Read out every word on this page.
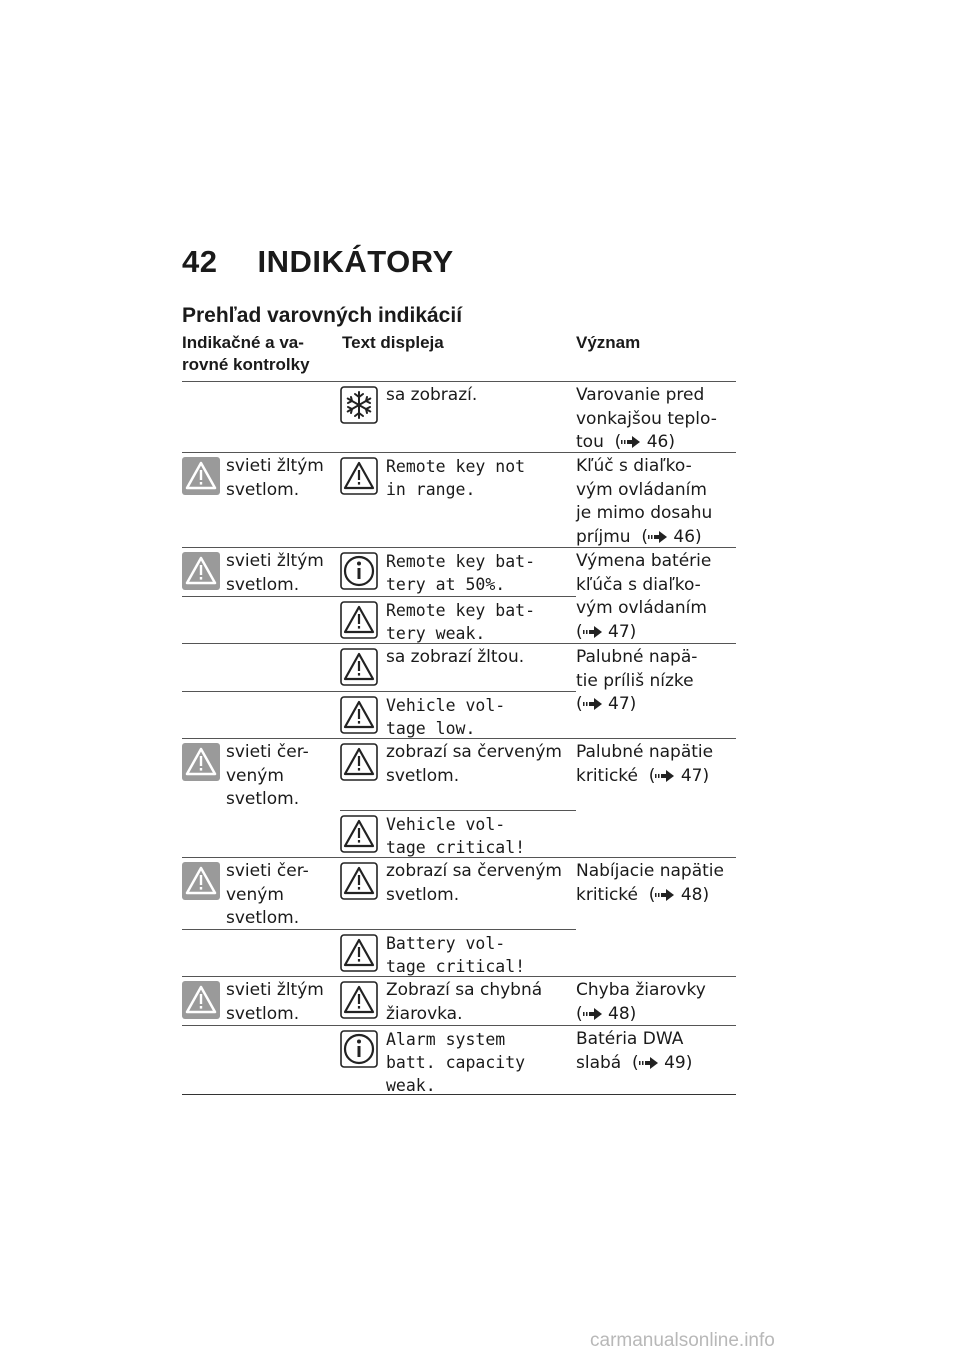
42 INDIKÁTORY
Prehľad varovných indikácií
Indikačné a va-
rovné kontrolky
Text displeja	Význam
sa zobrazí.	Varovanie pred
vonkajšou teplo-
tou  ( 46)
svieti žltým
svetlom.
Remote key not
in range.
Kľúč s diaľko-
vým ovládaním
je mimo dosahu
príjmu  ( 46)
svieti žltým
svetlom.
Remote key bat-
tery at 50%.
Remote key bat-
tery weak.
Výmena batérie
kľúča s diaľko-
vým ovládaním
( 47)
sa zobrazí žltou.
Vehicle vol-
tage low.
Palubné napä-
tie príliš nízke
( 47)
svieti čer-
veným
svetlom.
zobrazí sa červeným
svetlom.
Vehicle vol-
tage critical!
Palubné napätie
kritické  ( 47)
svieti čer-
veným
svetlom.
zobrazí sa červeným
svetlom.
Battery vol-
tage critical!
Nabíjacie napätie
kritické  ( 48)
svieti žltým
svetlom.
Zobrazí sa chybná
žiarovka.
Chyba žiarovky
( 48)
Alarm system
batt. capacity
weak.
Batéria DWA
slabá  ( 49)
carmanualsonline.info
